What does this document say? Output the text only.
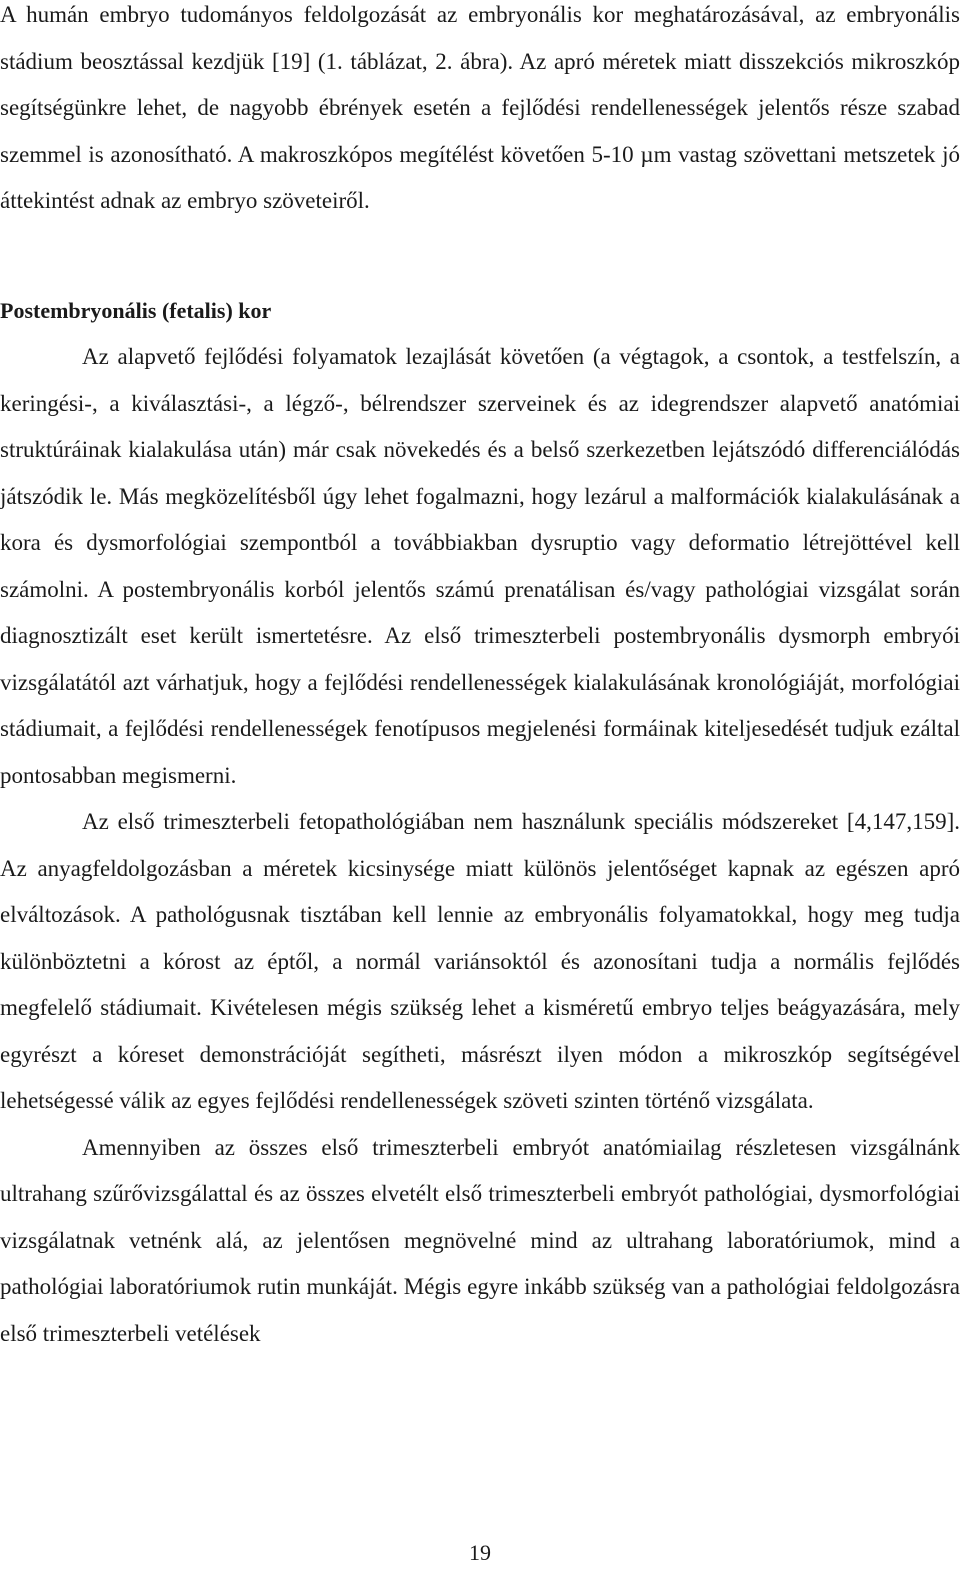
A humán embryo tudományos feldolgozását az embryonális kor meghatározásával, az embryonális stádium beosztással kezdjük [19] (1. táblázat, 2. ábra). Az apró méretek miatt disszekciós mikroszkóp segítségünkre lehet, de nagyobb ébrények esetén a fejlődési rendellenességek jelentős része szabad szemmel is azonosítható. A makroszkópos megítélést követően 5-10 µm vastag szövettani metszetek jó áttekintést adnak az embryo szöveteiről.

Postembryonális (fetalis) kor

Az alapvető fejlődési folyamatok lezajlását követően (a végtagok, a csontok, a testfelszín, a keringési-, a kiválasztási-, a légző-, bélrendszer szerveinek és az idegrendszer alapvető anatómiai struktúráinak kialakulása után) már csak növekedés és a belső szerkezetben lejátszódó differenciálódás játszódik le. Más megközelítésből úgy lehet fogalmazni, hogy lezárul a malformációk kialakulásának a kora és dysmorfológiai szempontból a továbbiakban dysruptio vagy deformatio létrejöttével kell számolni. A postembryonális korból jelentős számú prenatálisan és/vagy pathológiai vizsgálat során diagnosztizált eset került ismertetésre. Az első trimeszterbeli postembryonális dysmorph embryói vizsgálatától azt várhatjuk, hogy a fejlődési rendellenességek kialakulásának kronológiáját, morfológiai stádiumait, a fejlődési rendellenességek fenotípusos megjelenési formáinak kiteljesedését tudjuk ezáltal pontosabban megismerni.

Az első trimeszterbeli fetopathológiában nem használunk speciális módszereket [4,147,159]. Az anyagfeldolgozásban a méretek kicsinysége miatt különös jelentőséget kapnak az egészen apró elváltozások. A pathológusnak tisztában kell lennie az embryonális folyamatokkal, hogy meg tudja különböztetni a kórost az éptől, a normál variánsoktól és azonosítani tudja a normális fejlődés megfelelő stádiumait. Kivételesen mégis szükség lehet a kisméretű embryo teljes beágyazására, mely egyrészt a kóreset demonstrációját segítheti, másrészt ilyen módon a mikroszkóp segítségével lehetségessé válik az egyes fejlődési rendellenességek szöveti szinten történő vizsgálata.

Amennyiben az összes első trimeszterbeli embryót anatómiailag részletesen vizsgálnánk ultrahang szűrővizsgálattal és az összes elvetélt első trimeszterbeli embryót pathológiai, dysmorfológiai vizsgálatnak vetnénk alá, az jelentősen megnövelné mind az ultrahang laboratóriumok, mind a pathológiai laboratóriumok rutin munkáját. Mégis egyre inkább szükség van a pathológiai feldolgozásra első trimeszterbeli vetélések

19
